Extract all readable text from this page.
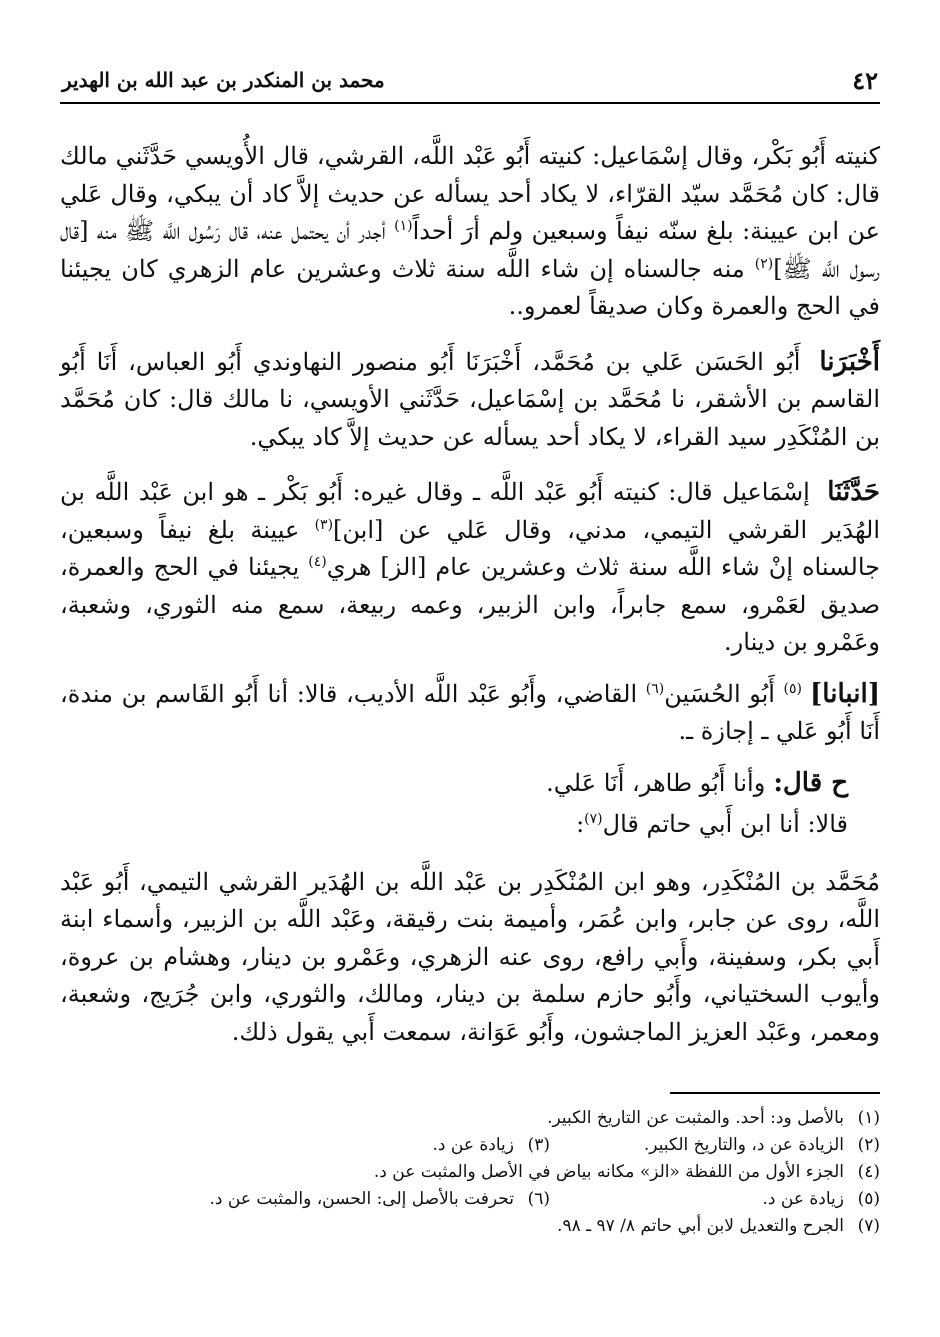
٤٢
محمد بن المنكدر بن عبد الله بن الهدير

كنيته أَبُو بَكْر، وقال إسْمَاعيل: كنيته أَبُو عَبْد اللَّه، القرشي، قال الأُويسي حَدَّثَني مالك قال: كان مُحَمَّد سيّد القرّاء، لا يكاد أحد يسأله عن حديث إلاَّ كاد أن يبكي، وقال عَلي عن ابن عيينة: بلغ سنّه نيفاً وسبعين ولم أرَ أحداً$^{(١)}$ أجدر أن يحتمل عنه، قال رَسُول اللَّه ﷺ منه [قال رسول اللَّه ﷺ]$^{(٢)}$ منه جالسناه إن شاء اللَّه سنة ثلاث وعشرين عام الزهري كان يجيئنا في الحج والعمرة وكان صديقاً لعمرو..

أَخْبَرَنا أَبُو الحَسَن عَلي بن مُحَمَّد، أَخْبَرَنَا أَبُو منصور النهاوندي أَبُو العباس، أَنَا أَبُو القاسم بن الأشقر، نا مُحَمَّد بن إسْمَاعيل، حَدَّثَني الأويسي، نا مالك قال: كان مُحَمَّد بن المُنْكَدِر سيد القراء، لا يكاد أحد يسأله عن حديث إلاَّ كاد يبكي.

حَدَّثَنَا إسْمَاعيل قال: كنيته أَبُو عَبْد اللَّه ـ وقال غيره: أَبُو بَكْر ـ هو ابن عَبْد اللَّه بن الهُدَير القرشي التيمي، مدني، وقال عَلي عن [ابن]$^{(٣)}$ عيينة بلغ نيفاً وسبعين، جالسناه إنْ شاء اللَّه سنة ثلاث وعشرين عام [الز] هري$^{(٤)}$ يجيئنا في الحج والعمرة، صديق لعَمْرو، سمع جابراً، وابن الزبير، وعمه ربيعة، سمع منه الثوري، وشعبة، وعَمْرو بن دينار.

[انبانا]$^{(٥)}$ أَبُو الحُسَين$^{(٦)}$ القاضي، وأَبُو عَبْد اللَّه الأديب، قالا: أنا أَبُو القَاسم بن مندة، أَنَا أَبُو عَلي ـ إجازة ـ.

ح قال:وأنا أَبُو طاهر، أَنَا عَلي.

قالا: أنا ابن أَبي حاتم قال$^{(٧)}$:

مُحَمَّد بن المُنْكَدِر، وهو ابن المُنْكَدِر بن عَبْد اللَّه بن الهُدَير القرشي التيمي، أَبُو عَبْد اللَّه، روى عن جابر، وابن عُمَر، وأميمة بنت رقيقة، وعَبْد اللَّه بن الزبير، وأسماء ابنة أَبي بكر، وسفينة، وأَبي رافع، روى عنه الزهري، وعَمْرو بن دينار، وهشام بن عروة، وأيوب السختياني، وأَبُو حازم سلمة بن دينار، ومالك، والثوري، وابن جُرَيج، وشعبة، ومعمر، وعَبْد العزيز الماجشون، وأَبُو عَوَانة، سمعت أَبي يقول ذلك.

(١)
بالأصل ود: أحد. والمثبت عن التاريخ الكبير.
(٢)
الزيادة عن د، والتاريخ الكبير.
(٣)
زيادة عن د.
(٤)
الجزء الأول من اللفظة «الز» مكانه بياض في الأصل والمثبت عن د.
(٥)
زيادة عن د.
(٦)
تحرفت بالأصل إلى: الحسن، والمثبت عن د.
(٧)
الجرح والتعديل لابن أبي حاتم ٨/ ٩٧ ـ ٩٨.
